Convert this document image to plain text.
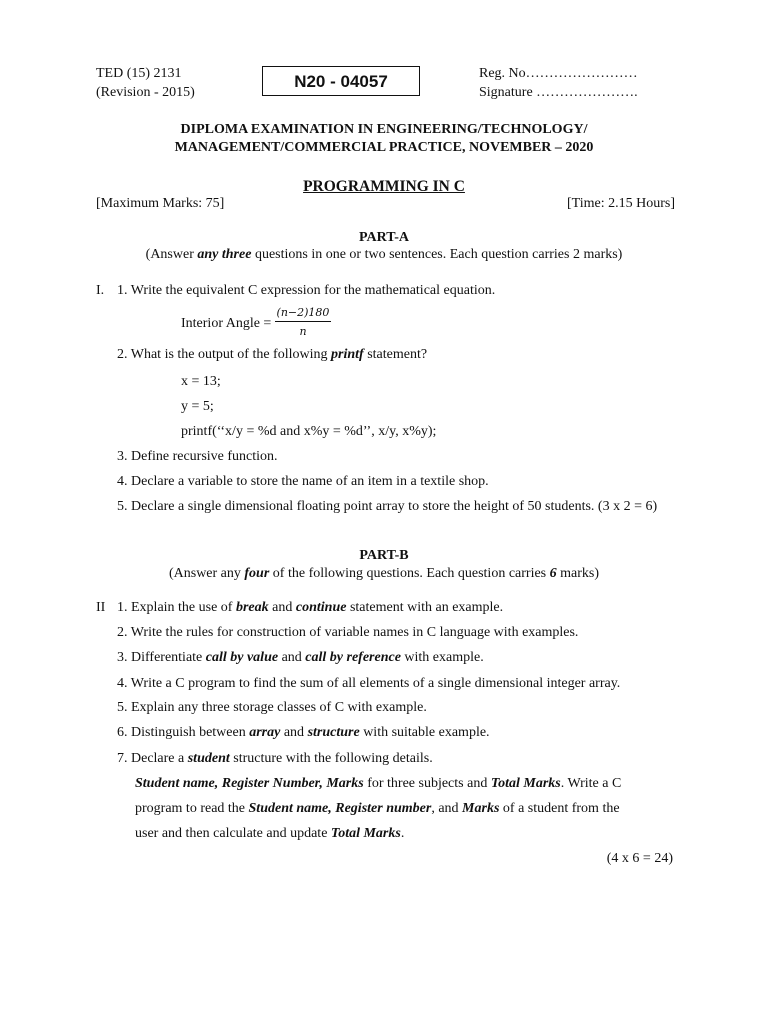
TED (15) 2131
(Revision - 2015)
N20 - 04057	Reg. No……………………
Signature ………………….
DIPLOMA EXAMINATION IN ENGINEERING/TECHNOLOGY/
MANAGEMENT/COMMERCIAL PRACTICE, NOVEMBER – 2020
PROGRAMMING IN C
[Maximum Marks: 75]	[Time: 2.15 Hours]
PART-A
(Answer any three questions in one or two sentences. Each question carries 2 marks)
I. 1. Write the equivalent C expression for the mathematical equation.
Interior Angle = $\frac{(n-2)180}{n}$
2. What is the output of the following printf statement?
x = 13;
y = 5;
printf(‘‘x/y = %d and x%y = %d’’, x/y, x%y);
3. Define recursive function.
4. Declare a variable to store the name of an item in a textile shop.
5. Declare a single dimensional floating point array to store the height of 50 students. (3 x 2 = 6)
PART-B
(Answer any four of the following questions. Each question carries 6 marks)
II 1. Explain the use of break and continue statement with an example.
2. Write the rules for construction of variable names in C language with examples.
3. Differentiate call by value and call by reference with example.
4. Write a C program to find the sum of all elements of a single dimensional integer array.
5. Explain any three storage classes of C with example.
6. Distinguish between array and structure with suitable example.
7. Declare a student structure with the following details.
Student name, Register Number, Marks for three subjects and Total Marks. Write a C
program to read the Student name, Register number, and Marks of a student from the
user and then calculate and update Total Marks.
(4 x 6 = 24)
